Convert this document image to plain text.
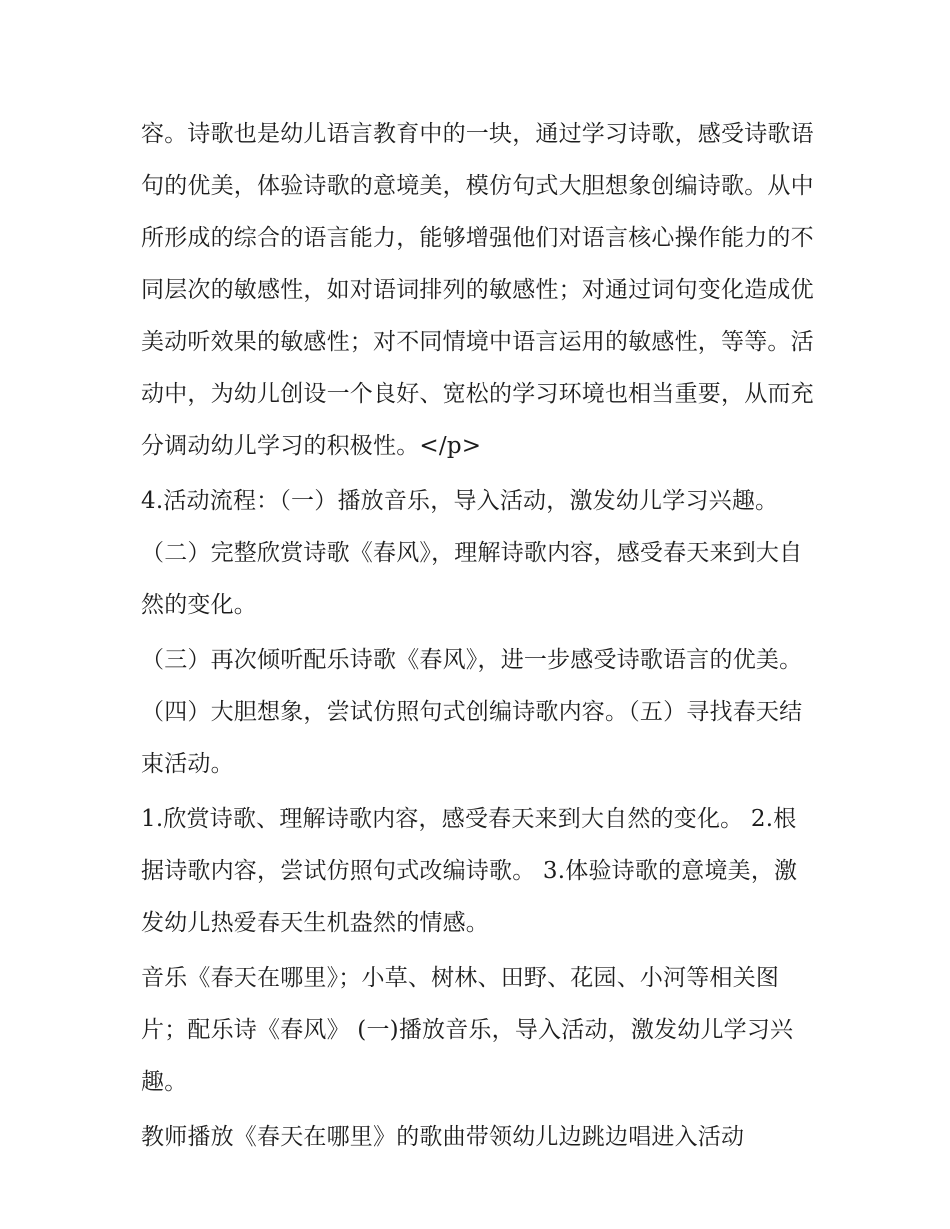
容。诗歌也是幼儿语言教育中的一块，通过学习诗歌，感受诗歌语句的优美，体验诗歌的意境美，模仿句式大胆想象创编诗歌。从中所形成的综合的语言能力，能够增强他们对语言核心操作能力的不同层次的敏感性，如对语词排列的敏感性；对通过词句变化造成优美动听效果的敏感性；对不同情境中语言运用的敏感性，等等。活动中，为幼儿创设一个良好、宽松的学习环境也相当重要，从而充分调动幼儿学习的积极性。</p>

4.活动流程：（一）播放音乐，导入活动，激发幼儿学习兴趣。（二）完整欣赏诗歌《春风》，理解诗歌内容，感受春天来到大自然的变化。

（三）再次倾听配乐诗歌《春风》，进一步感受诗歌语言的优美。（四）大胆想象，尝试仿照句式创编诗歌内容。（五）寻找春天结束活动。

1.欣赏诗歌、理解诗歌内容，感受春天来到大自然的变化。 2.根据诗歌内容，尝试仿照句式改编诗歌。 3.体验诗歌的意境美，激发幼儿热爱春天生机盎然的情感。

音乐《春天在哪里》；小草、树林、田野、花园、小河等相关图片；配乐诗《春风》 (一)播放音乐，导入活动，激发幼儿学习兴趣。

教师播放《春天在哪里》的歌曲带领幼儿边跳边唱进入活动
